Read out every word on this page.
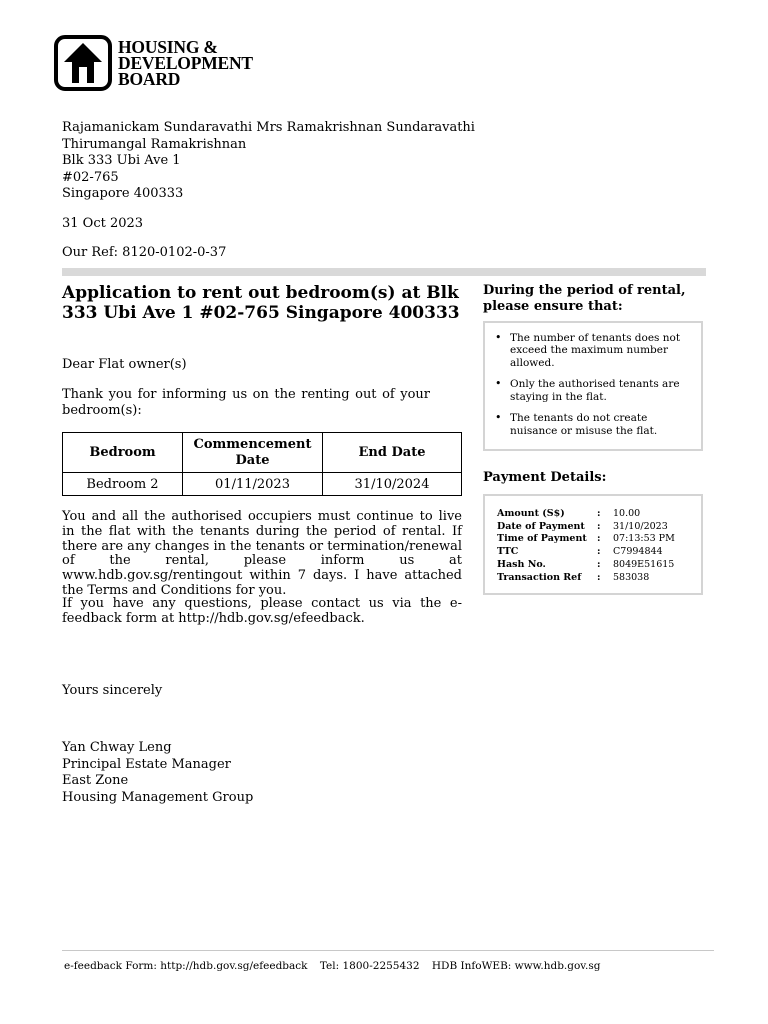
HOUSING &
DEVELOPMENT
BOARD
Rajamanickam Sundaravathi Mrs Ramakrishnan Sundaravathi
Thirumangal Ramakrishnan
Blk 333 Ubi Ave 1
#02-765
Singapore 400333
31 Oct 2023
Our Ref: 8120-0102-0-37
Application to rent out bedroom(s) at Blk 333 Ubi Ave 1 #02-765 Singapore 400333
Dear Flat owner(s)
Thank you for informing us on the renting out of your bedroom(s):
Bedroom	Commencement Date	End Date
Bedroom 2	01/11/2023	31/10/2024
You and all the authorised occupiers must continue to live in the flat with the tenants during the period of rental. If there are any changes in the tenants or termination/renewal of the rental, please inform us at www.hdb.gov.sg/rentingout within 7 days. I have attached the Terms and Conditions for you.
If you have any questions, please contact us via the e-feedback form at http://hdb.gov.sg/efeedback.
Yours sincerely
Yan Chway Leng
Principal Estate Manager
East Zone
Housing Management Group
During the period of rental, please ensure that:
• The number of tenants does not exceed the maximum number allowed.
• Only the authorised tenants are staying in the flat.
• The tenants do not create nuisance or misuse the flat.
Payment Details:
Amount (S$)	:	10.00
Date of Payment	:	31/10/2023
Time of Payment	:	07:13:53 PM
TTC	:	C7994844
Hash No.	:	8049E51615
Transaction Ref	:	583038
e-feedback Form: http://hdb.gov.sg/efeedback Tel: 1800-2255432 HDB InfoWEB: www.hdb.gov.sg
